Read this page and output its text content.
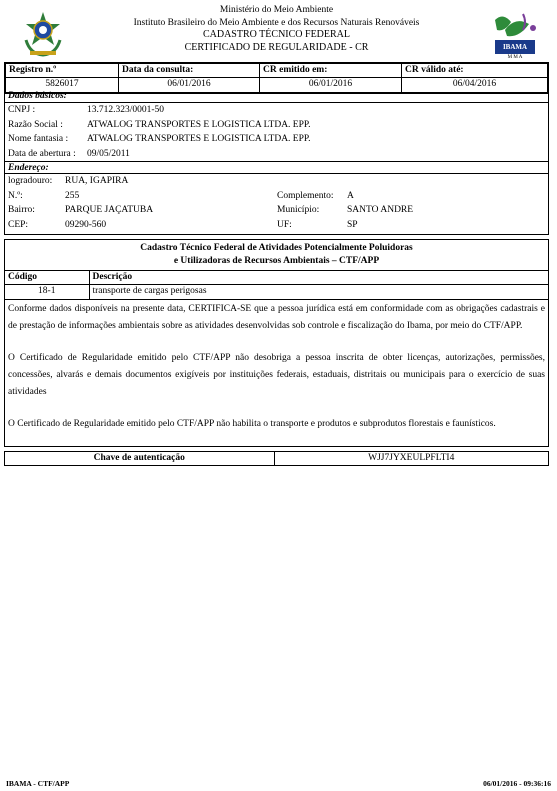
Ministério do Meio Ambiente
Instituto Brasileiro do Meio Ambiente e dos Recursos Naturais Renováveis
CADASTRO TÉCNICO FEDERAL
CERTIFICADO DE REGULARIDADE - CR	IBAMA
M M A
Registro n.º	Data da consulta:	CR emitido em:	CR válido até:
5826017	06/01/2016	06/01/2016	06/04/2016
Dados básicos:
CNPJ :	13.712.323/0001-50
Razão Social :	ATWALOG TRANSPORTES E LOGISTICA LTDA. EPP.
Nome fantasia : ATWALOG TRANSPORTES E LOGISTICA LTDA. EPP.
Data de abertura : 09/05/2011
Endereço:
logradouro: RUA, IGAPIRA
N.º:	255	Complemento: A
Bairro:	PARQUE JAÇATUBA	Município:	SANTO ANDRE
CEP:	09290-560	UF:	SP
Cadastro Técnico Federal de Atividades Potencialmente Poluidoras
e Utilizadoras de Recursos Ambientais – CTF/APP
Código	Descrição
18-1	transporte de cargas perigosas
Conforme dados disponíveis na presente data, CERTIFICA-SE que a pessoa jurídica está em conformidade com as obrigações cadastrais e de prestação de informações ambientais sobre as atividades desenvolvidas sob controle e fiscalização do Ibama, por meio do CTF/APP.
O Certificado de Regularidade emitido pelo CTF/APP não desobriga a pessoa inscrita de obter licenças, autorizações, permissões, concessões, alvarás e demais documentos exigíveis por instituições federais, estaduais, distritais ou municipais para o exercício de suas atividades
O Certificado de Regularidade emitido pelo CTF/APP não habilita o transporte e produtos e subprodutos florestais e faunísticos.
Chave de autenticação	WJJ7JYXEULPFLTI4
IBAMA - CTF/APP	06/01/2016 - 09:36:16
